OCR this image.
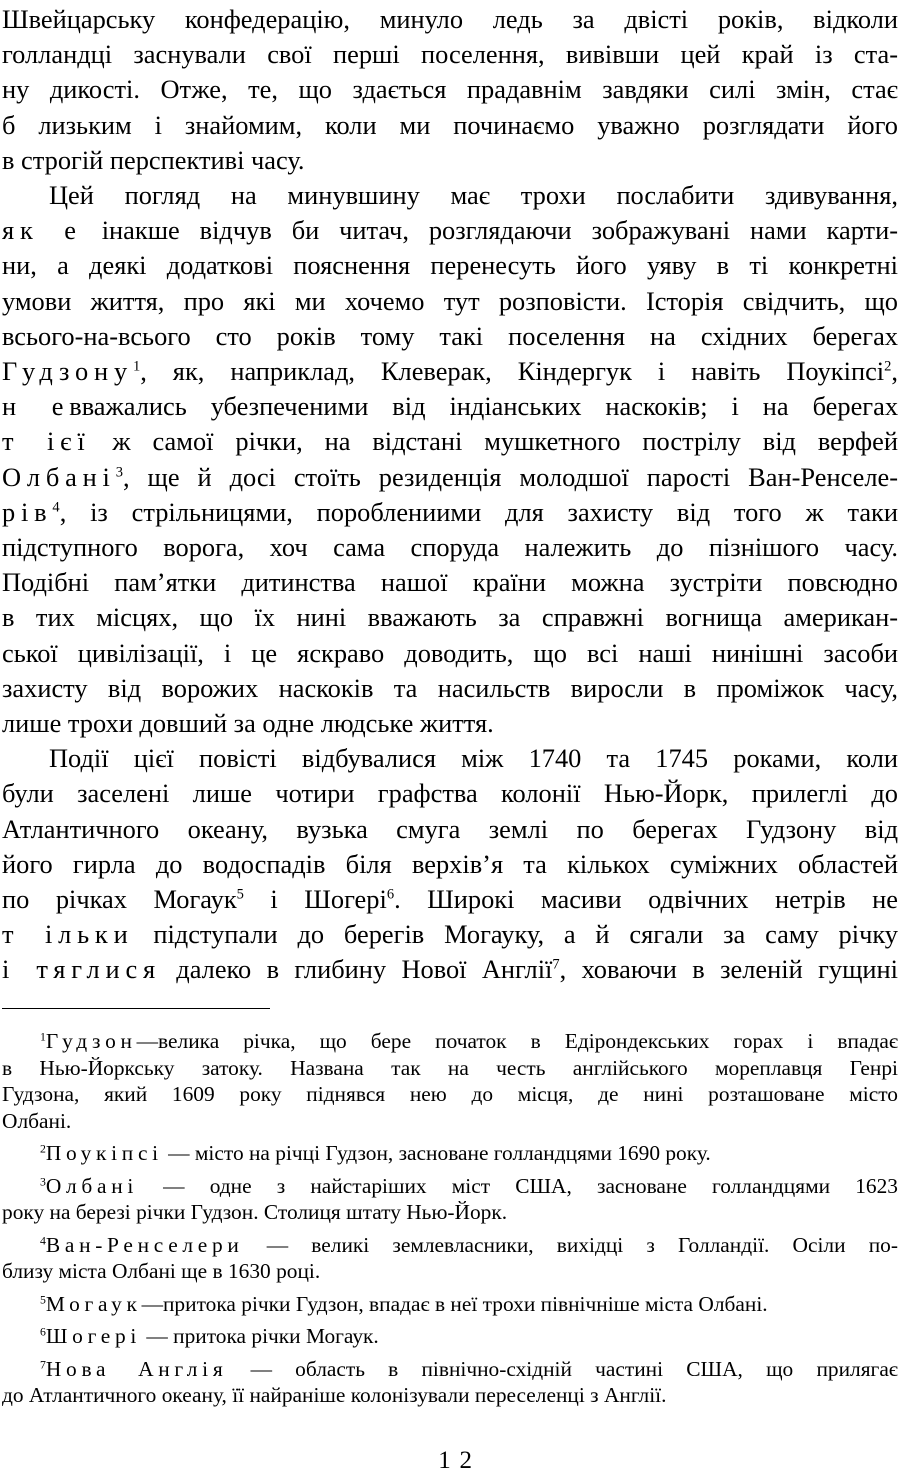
Швейцарську конфедерацію, минуло ледь за двісті років, відколи
голландці заснували свої перші поселення, вивівши цей край із ста-
ну дикості. Отже, те, що здається прадавнім завдяки силі змін, стає
б лизьким і знайомим, коли ми починаємо уважно розглядати його
в строгій перспективі часу.
Цей погляд на минувшину має трохи послабити здивування,
як е інакше відчув би читач, розглядаючи зображувані нами карти-
ни, а деякі додаткові пояснення перенесуть його уяву в ті конкретні
умови життя, про які ми хочемо тут розповісти. Історія свідчить, що
всього-на-всього сто років тому такі поселення на східних берегах
Гудзону$^1$, як, наприклад, Клеверак, Кіндергук і навіть Поукіпсі$^2$,
н евважались убезпеченими від індіанських наскоків; і на берегах
т ієї ж самої річки, на відстані мушкетного пострілу від верфей
Олбані$^3$, ще й досі стоїть резиденція молодшої парості Ван-Ренселе-
рів$^4$, із стрільницями, пороблениими для захисту від того ж таки
підступного ворога, хоч сама споруда належить до пізнішого часу.
Подібні пам’ятки дитинства нашої країни можна зустріти повсюдно
в тих місцях, що їх нині вважають за справжні вогнища американ-
ської цивілізації, і це яскраво доводить, що всі наші нинішні засоби
захисту від ворожих наскоків та насильств виросли в проміжок часу,
лише трохи довший за одне людське життя.
Події цієї повісті відбувалися між 1740 та 1745 роками, коли
були заселені лише чотири графства колонії Нью-Йорк, прилеглі до
Атлантичного океану, вузька смуга землі по берегах Гудзону від
його гирла до водоспадів біля верхів’я та кількох суміжних областей
по річках Могаук$^5$ і Шогері$^6$. Широкі масиви одвічних нетрів не
т ільки підступали до берегів Могауку, а й сягали за саму річку
і тяглися далеко в глибину Нової Англії$^7$, ховаючи в зеленій гущині
$^1$Гудзон—велика річка, що бере початок в Едірондекських горах і впадає
в Нью-Йоркську затоку. Названа так на честь англійського мореплавця Генрі
Гудзона, який 1609 року піднявся нею до місця, де нині розташоване місто
Олбані.
$^2$Поукіпсі — місто на річці Гудзон, засноване голландцями 1690 року.
$^3$Олбані — одне з найстаріших міст США, засноване голландцями 1623
року на березі річки Гудзон. Столиця штату Нью-Йорк.
$^4$Ван-Ренселери — великі землевласники, вихідці з Голландії. Осіли по-
близу міста Олбані ще в 1630 році.
$^5$Могаук—притока річки Гудзон, впадає в неї трохи північніше міста Олбані.
$^6$Шогері — притока річки Могаук.
$^7$Нова Англія — область в північно-східній частині США, що прилягає
до Атлантичного океану, її найраніше колонізували переселенці з Англії.
12
